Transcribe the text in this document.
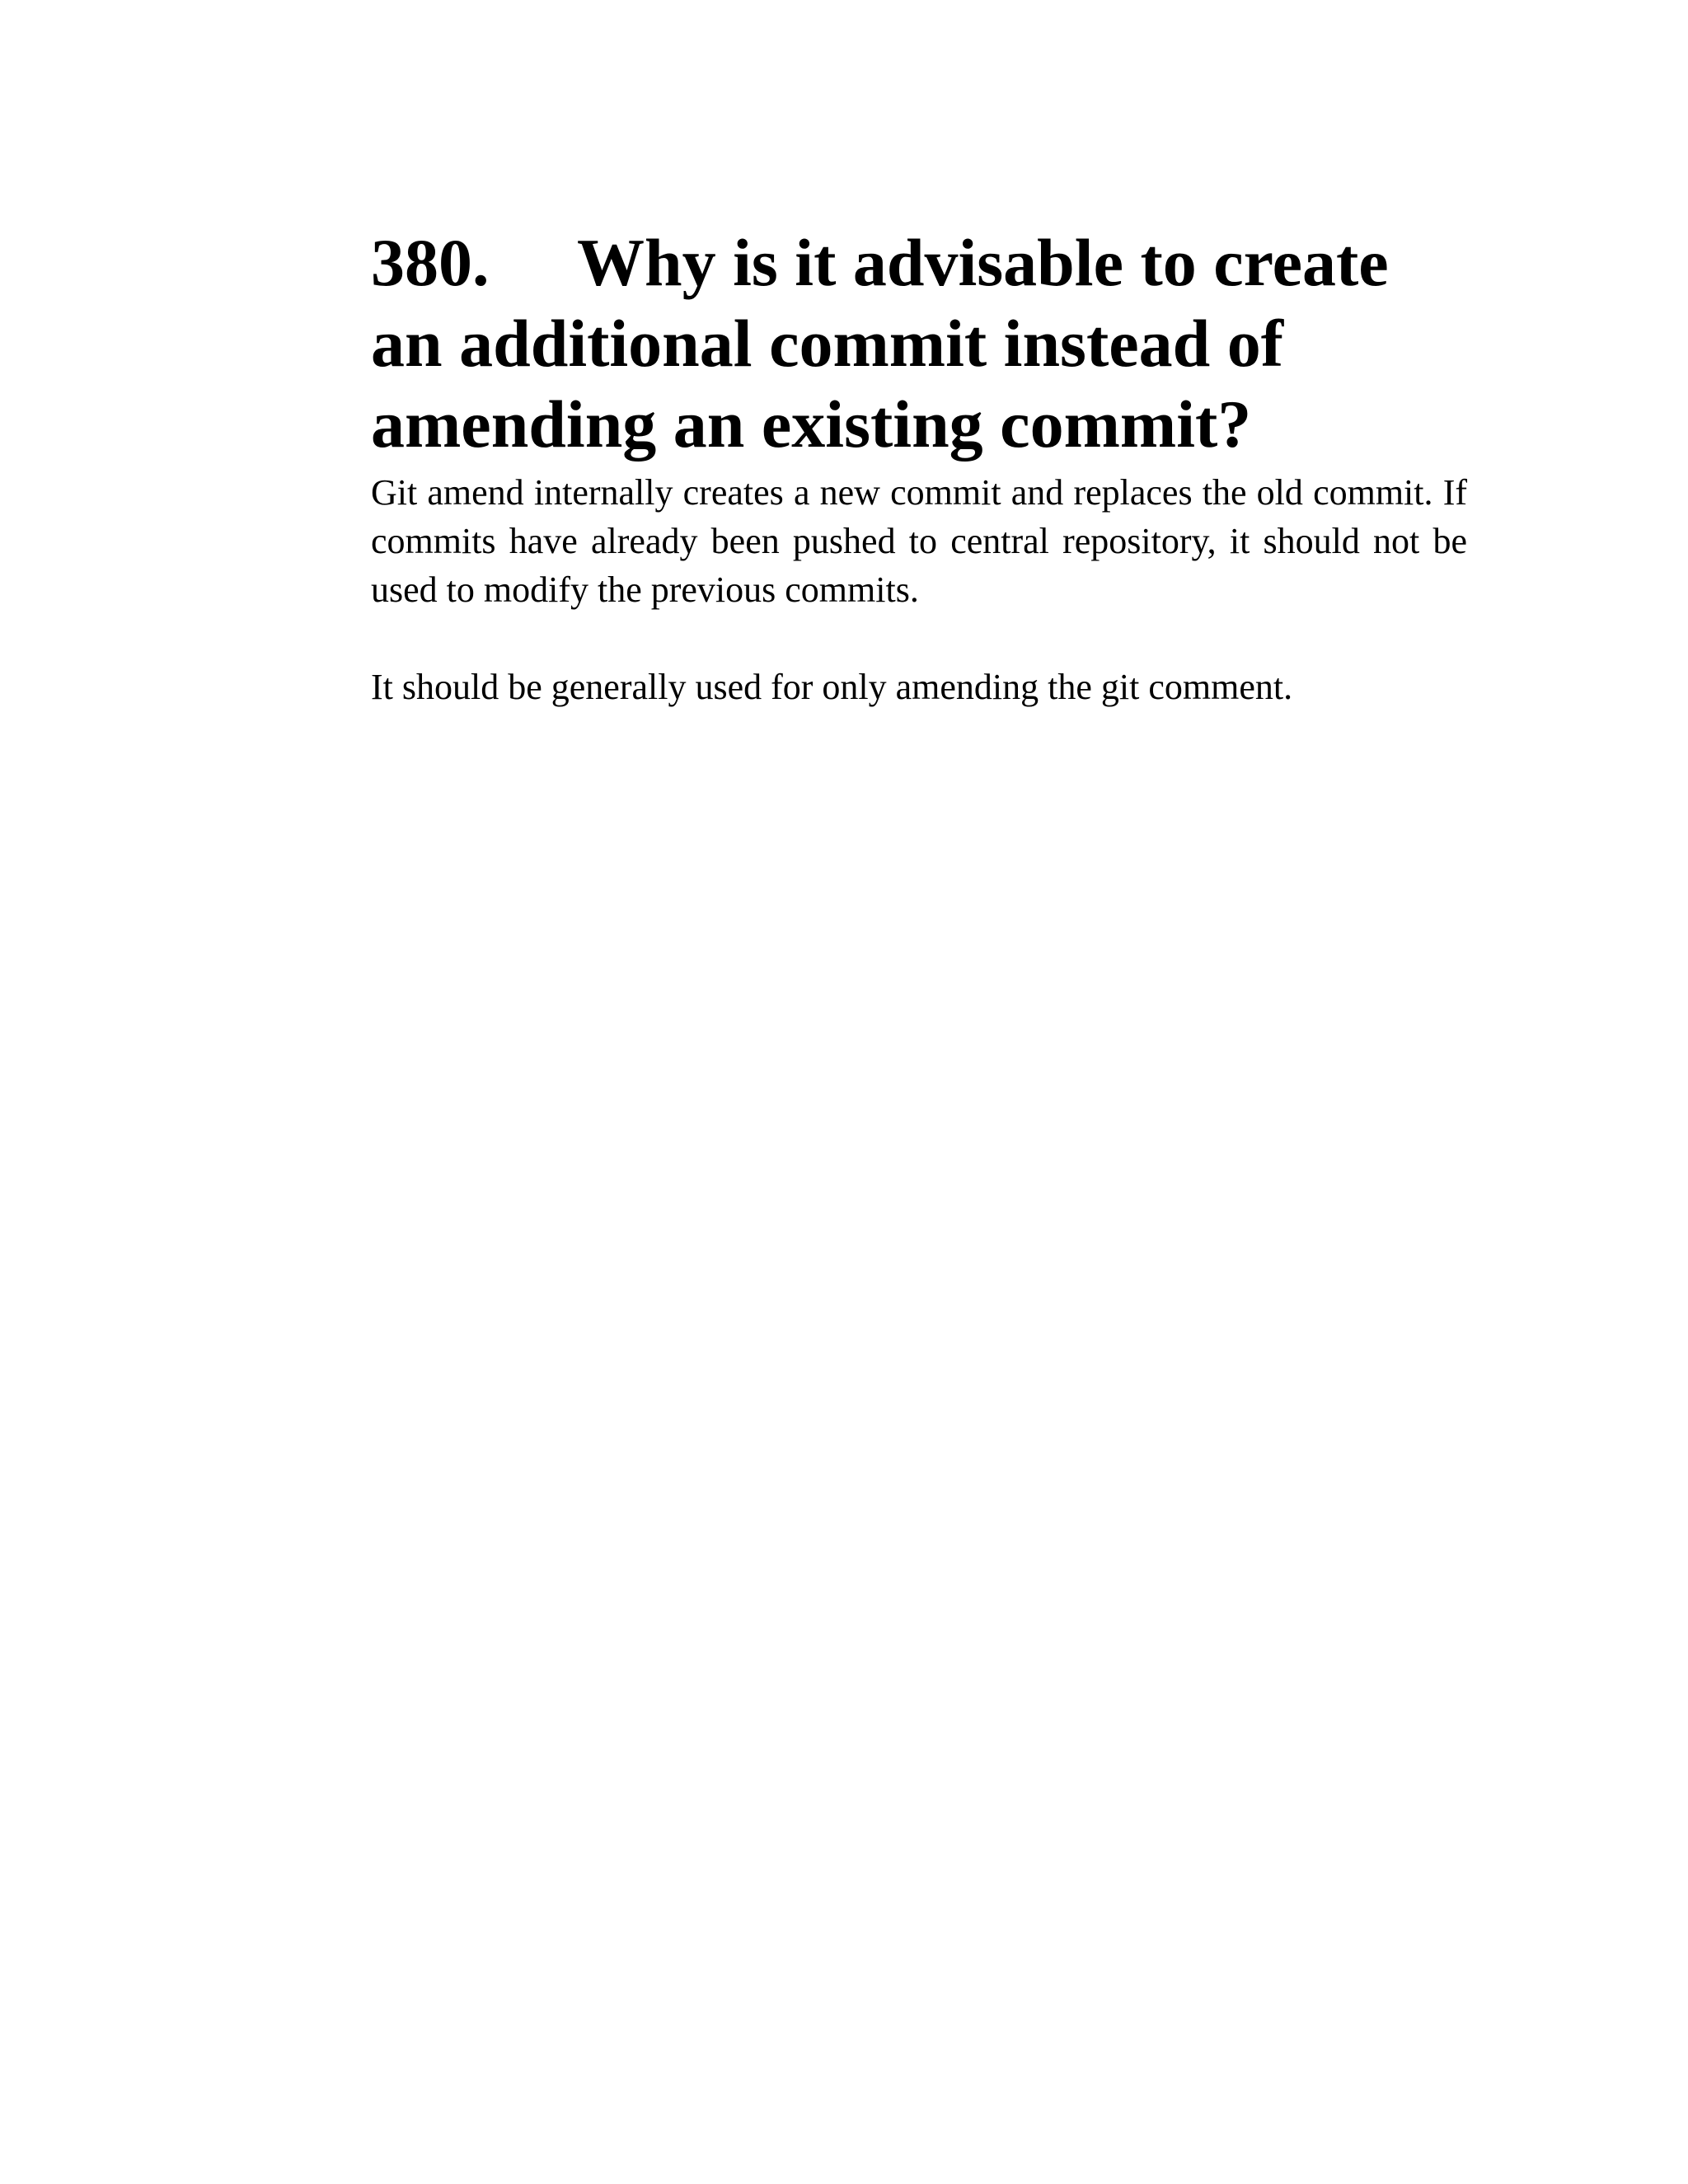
380. Why is it advisable to create an additional commit instead of amending an existing commit?

Git amend internally creates a new commit and replaces the old commit. If commits have already been pushed to central repository, it should not be used to modify the previous commits.

It should be generally used for only amending the git comment.
